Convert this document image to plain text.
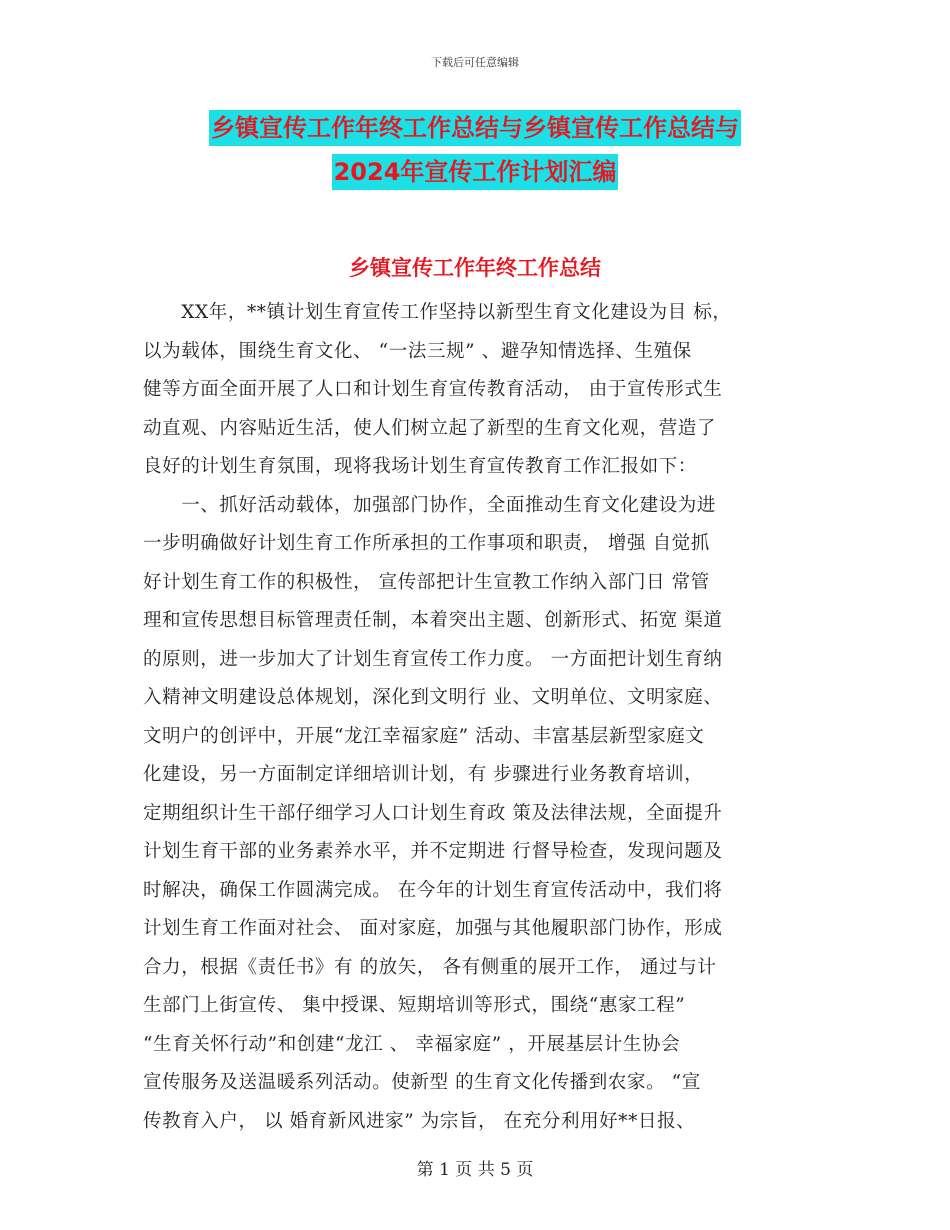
下载后可任意编辑
乡镇宣传工作年终工作总结与乡镇宣传工作总结与
2024年宣传工作计划汇编
乡镇宣传工作年终工作总结
　　XX年，**镇计划生育宣传工作坚持以新型生育文化建设为目 标，
以为载体，围绕生育文化、 “一法三规” 、避孕知情选择、生殖保
健等方面全面开展了人口和计划生育宣传教育活动， 由于宣传形式生
动直观、内容贴近生活，使人们树立起了新型的生育文化观，营造了
良好的计划生育氛围，现将我场计划生育宣传教育工作汇报如下：
　　一、抓好活动载体，加强部门协作，全面推动生育文化建设为进
一步明确做好计划生育工作所承担的工作事项和职责， 增强 自觉抓
好计划生育工作的积极性， 宣传部把计生宣教工作纳入部门日 常管
理和宣传思想目标管理责任制，本着突出主题、创新形式、拓宽 渠道
的原则，进一步加大了计划生育宣传工作力度。 一方面把计划生育纳
入精神文明建设总体规划，深化到文明行 业、文明单位、文明家庭、
文明户的创评中，开展“龙江幸福家庭” 活动、丰富基层新型家庭文
化建设，另一方面制定详细培训计划，有 步骤进行业务教育培训，
定期组织计生干部仔细学习人口计划生育政 策及法律法规，全面提升
计划生育干部的业务素养水平，并不定期进 行督导检查，发现问题及
时解决，确保工作圆满完成。 在今年的计划生育宣传活动中，我们将
计划生育工作面对社会、 面对家庭，加强与其他履职部门协作，形成
合力，根据《责任书》有 的放矢， 各有侧重的展开工作， 通过与计
生部门上街宣传、 集中授课、短期培训等形式，围绕“惠家工程”
“生育关怀行动”和创建“龙江 、 幸福家庭” ，开展基层计生协会
宣传服务及送温暖系列活动。使新型 的生育文化传播到农家。 “宣
传教育入户， 以 婚育新风进家” 为宗旨， 在充分利用好**日报、
第 1 页 共 5 页
